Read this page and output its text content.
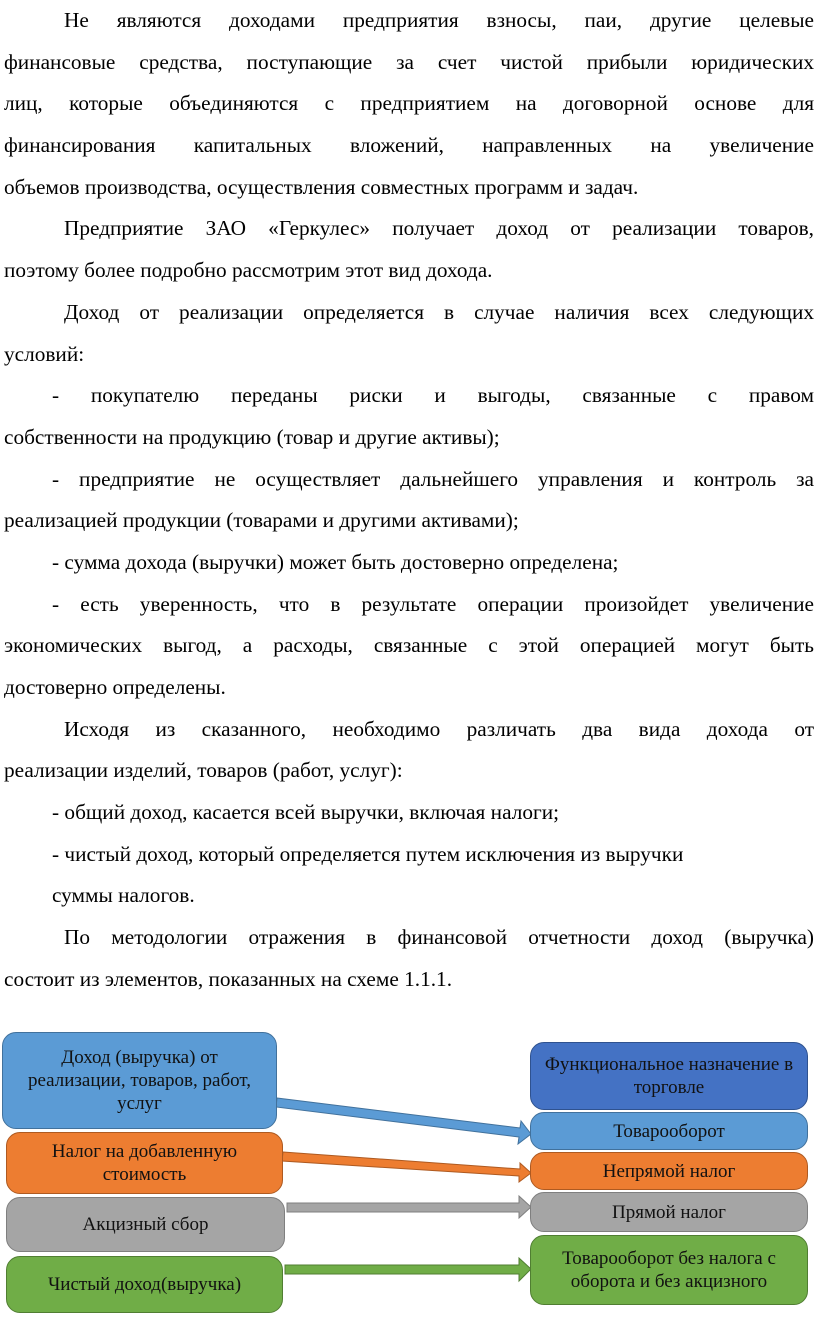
Не являются доходами предприятия взносы, паи, другие целевые
финансовые средства, поступающие за счет чистой прибыли юридических
лиц, которые объединяются с предприятием на договорной основе для
финансирования капитальных вложений, направленных на увеличение
объемов производства, осуществления совместных программ и задач.
Предприятие ЗАО «Геркулес» получает доход от реализации товаров,
поэтому более подробно рассмотрим этот вид дохода.
Доход от реализации определяется в случае наличия всех следующих
условий:
- покупателю переданы риски и выгоды, связанные с правом
собственности на продукцию (товар и другие активы);
- предприятие не осуществляет дальнейшего управления и контроль за
реализацией продукции (товарами и другими активами);
- сумма дохода (выручки) может быть достоверно определена;
- есть уверенность, что в результате операции произойдет увеличение
экономических выгод, а расходы, связанные с этой операцией могут быть
достоверно определены.
Исходя из сказанного, необходимо различать два вида дохода от
реализации изделий, товаров (работ, услуг):
- общий доход, касается всей выручки, включая налоги;
- чистый доход, который определяется путем исключения из выручки
суммы налогов.
По методологии отражения в финансовой отчетности доход (выручка)
состоит из элементов, показанных на схеме 1.1.1.
Доход (выручка) от реализации, товаров, работ, услуг
Налог на добавленную стоимость
Акцизный сбор
Чистый доход(выручка)
Функциональное назначение в торговле
Товарооборот
Непрямой налог
Прямой налог
Товарооборот без налога с оборота и без акцизного
